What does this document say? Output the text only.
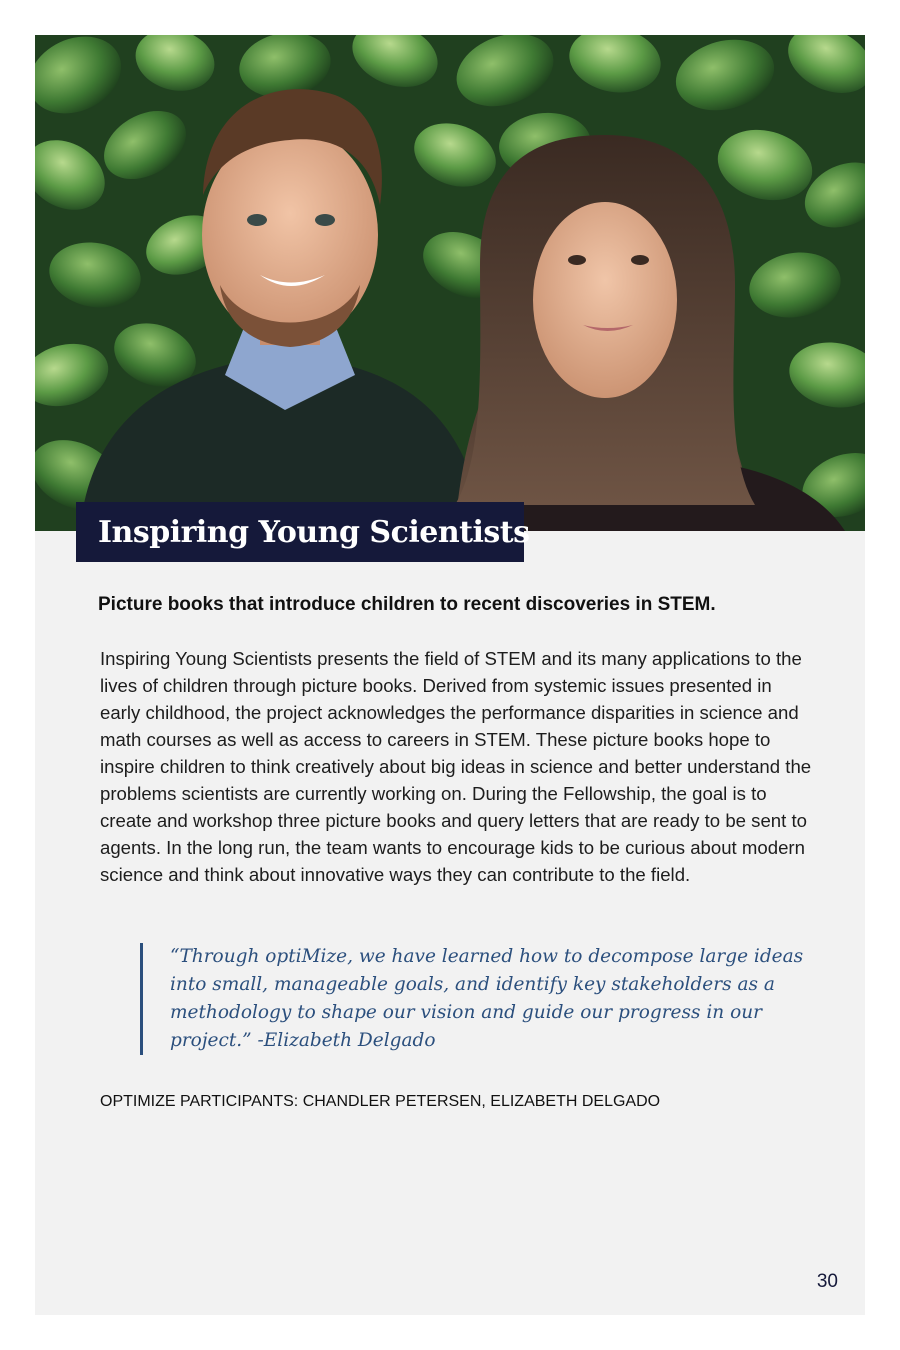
Inspiring Young Scientists
Picture books that introduce children to recent discoveries in STEM.

Inspiring Young Scientists presents the field of STEM and its many applications to the lives of children through picture books. Derived from systemic issues presented in early childhood, the project acknowledges the performance disparities in science and math courses as well as access to careers in STEM. These picture books hope to inspire children to think creatively about big ideas in science and better understand the problems scientists are currently working on. During the Fellowship, the goal is to create and workshop three picture books and query letters that are ready to be sent to agents. In the long run, the team wants to encourage kids to be curious about modern science and think about innovative ways they can contribute to the field.

“Through optiMize, we have learned how to decompose large ideas into small, manageable goals, and identify key stakeholders as a methodology to shape our vision and guide our progress in our project.” -Elizabeth Delgado

OPTIMIZE PARTICIPANTS: CHANDLER PETERSEN, ELIZABETH DELGADO
30
